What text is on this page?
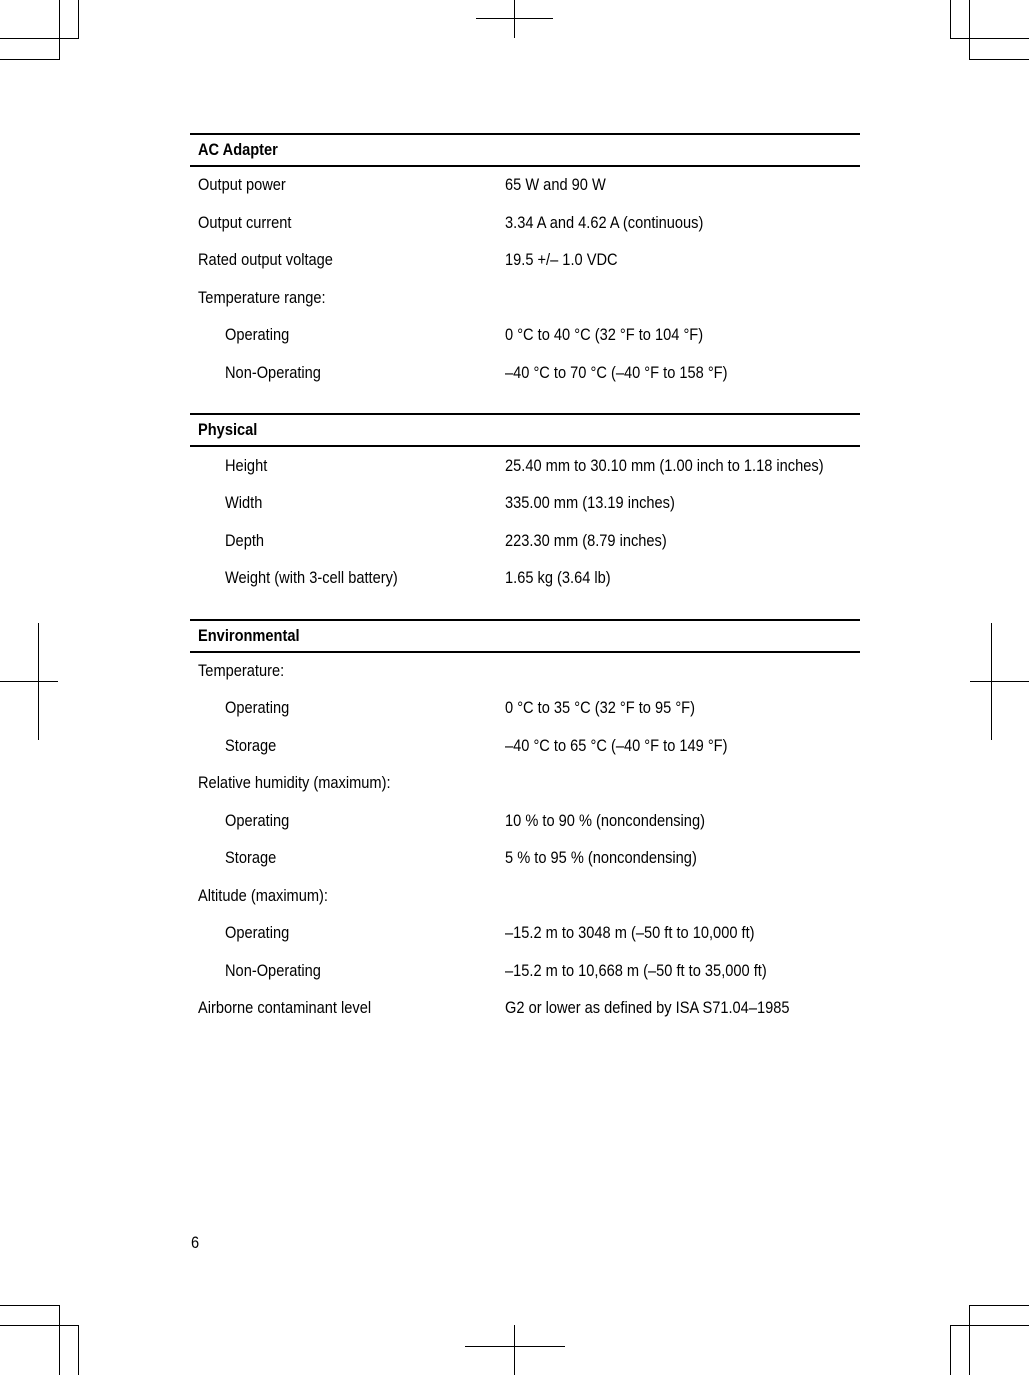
AC Adapter
Output power	65 W and 90 W
Output current	3.34 A and 4.62 A (continuous)
Rated output voltage	19.5 +/– 1.0 VDC
Temperature range:
Operating	0 °C to 40 °C (32 °F to 104 °F)
Non-Operating	–40 °C to 70 °C (–40 °F to 158 °F)
Physical
Height	25.40 mm to 30.10 mm (1.00 inch to 1.18 inches)
Width	335.00 mm (13.19 inches)
Depth	223.30 mm (8.79 inches)
Weight (with 3-cell battery)	1.65 kg (3.64 lb)
Environmental
Temperature:
Operating	0 °C to 35 °C (32 °F to 95 °F)
Storage	–40 °C to 65 °C (–40 °F to 149 °F)
Relative humidity (maximum):
Operating	10 % to 90 % (noncondensing)
Storage	5 % to 95 % (noncondensing)
Altitude (maximum):
Operating	–15.2 m to 3048 m (–50 ft to 10,000 ft)
Non-Operating	–15.2 m to 10,668 m (–50 ft to 35,000 ft)
Airborne contaminant level	G2 or lower as defined by ISA S71.04–1985
6
